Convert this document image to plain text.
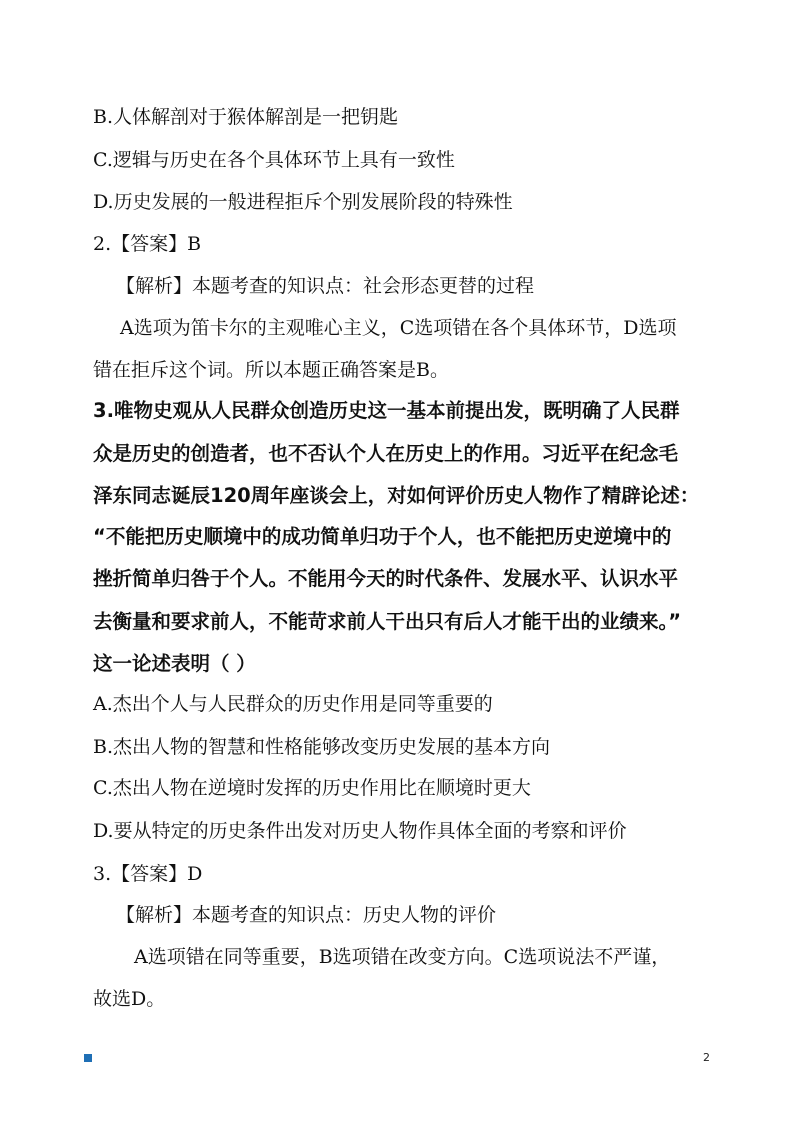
B.人体解剖对于猴体解剖是一把钥匙
C.逻辑与历史在各个具体环节上具有一致性
D.历史发展的一般进程拒斥个别发展阶段的特殊性
2.【答案】B
【解析】本题考查的知识点：社会形态更替的过程
A选项为笛卡尔的主观唯心主义，C选项错在各个具体环节，D选项
错在拒斥这个词。所以本题正确答案是B。
3.唯物史观从人民群众创造历史这一基本前提出发，既明确了人民群
众是历史的创造者，也不否认个人在历史上的作用。习近平在纪念毛
泽东同志诞辰120周年座谈会上，对如何评价历史人物作了精辟论述：
“不能把历史顺境中的成功简单归功于个人，也不能把历史逆境中的
挫折简单归咎于个人。不能用今天的时代条件、发展水平、认识水平
去衡量和要求前人，不能苛求前人干出只有后人才能干出的业绩来。”
这一论述表明（ ）
A.杰出个人与人民群众的历史作用是同等重要的
B.杰出人物的智慧和性格能够改变历史发展的基本方向
C.杰出人物在逆境时发挥的历史作用比在顺境时更大
D.要从特定的历史条件出发对历史人物作具体全面的考察和评价
3.【答案】D
【解析】本题考查的知识点：历史人物的评价
A选项错在同等重要，B选项错在改变方向。C选项说法不严谨，
故选D。
2
